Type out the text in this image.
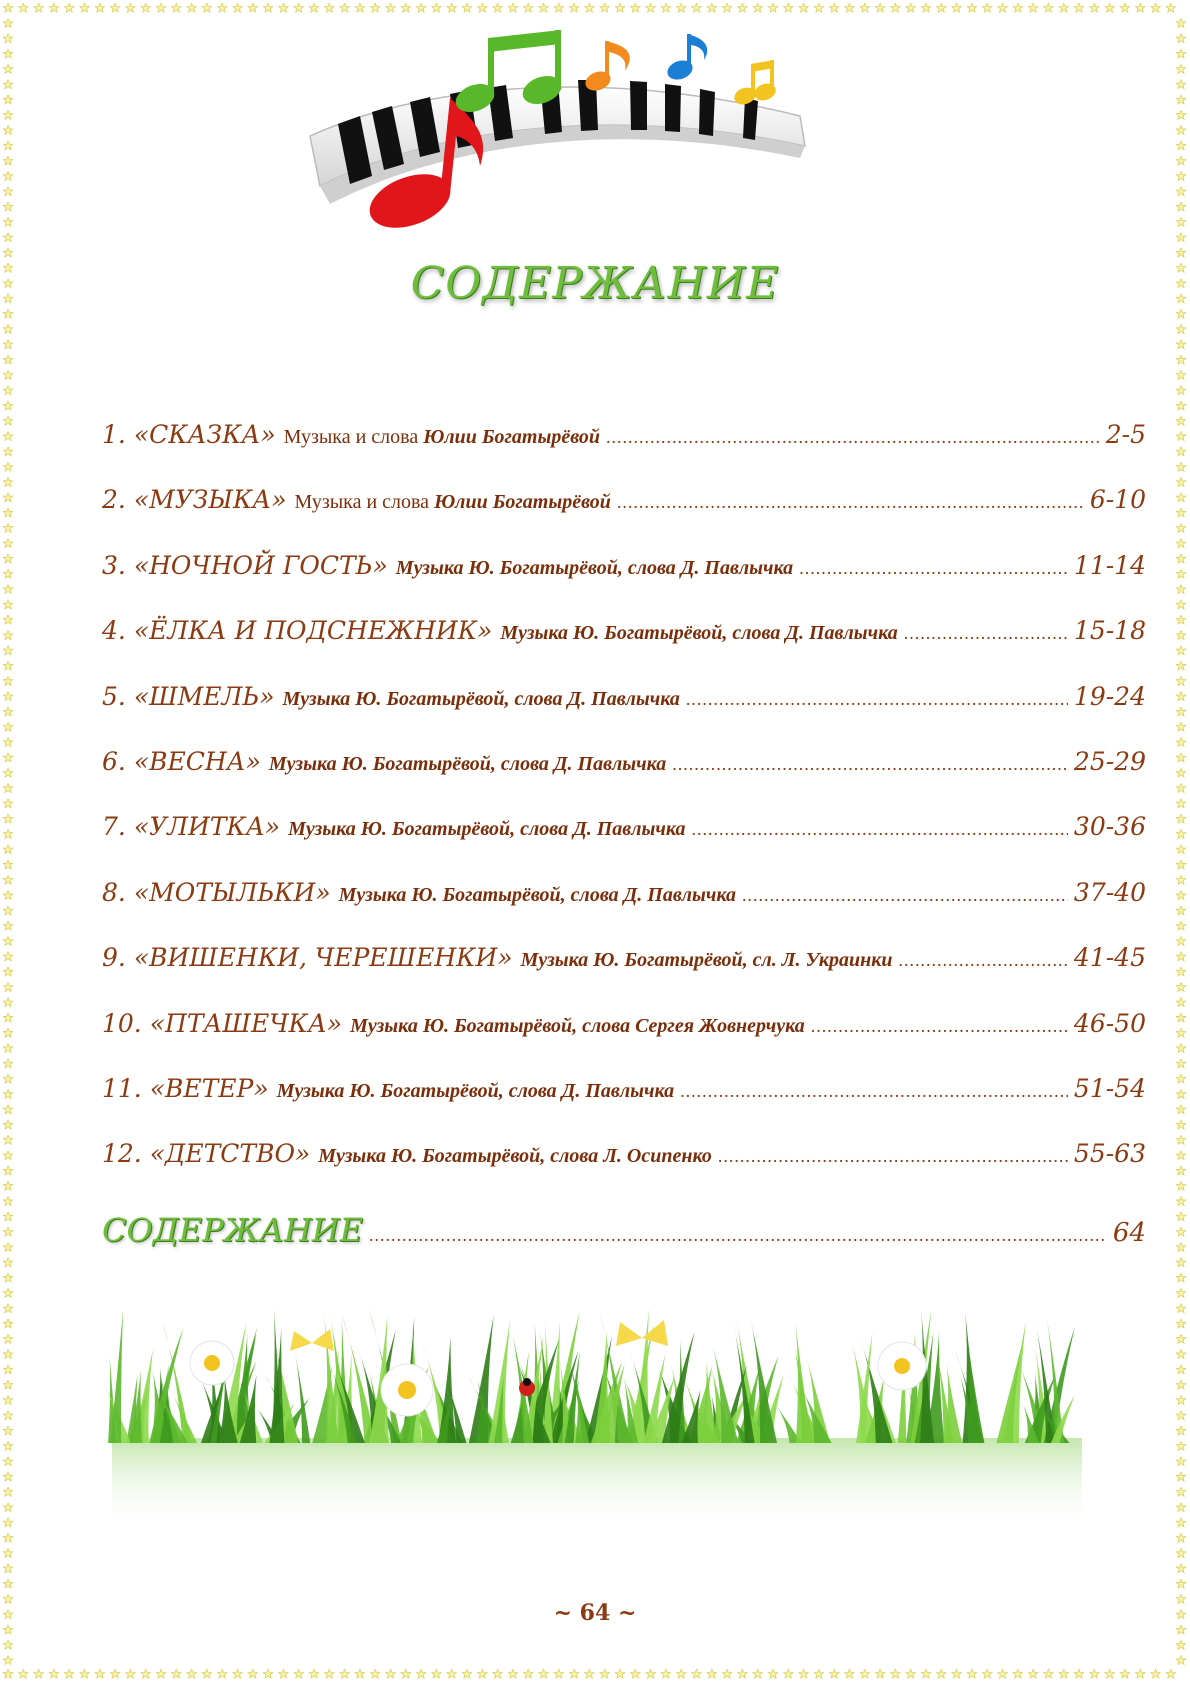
СОДЕРЖАНИЕ
1. «СКАЗКА» Музыка и слова Юлии Богатырёвой .....	2-5
2. «МУЗЫКА» Музыка и слова Юлии Богатырёвой .....	6-10
3. «НОЧНОЙ ГОСТЬ» Музыка Ю. Богатырёвой, слова Д. Павлычка .....	11-14
4. «ЁЛКА И ПОДСНЕЖНИК» Музыка Ю. Богатырёвой, слова Д. Павлычка .....	15-18
5. «ШМЕЛЬ» Музыка Ю. Богатырёвой, слова Д. Павлычка .....	19-24
6. «ВЕСНА» Музыка Ю. Богатырёвой, слова Д. Павлычка .....	25-29
7. «УЛИТКА» Музыка Ю. Богатырёвой, слова Д. Павлычка .....	30-36
8. «МОТЫЛЬКИ» Музыка Ю. Богатырёвой, слова Д. Павлычка .....	37-40
9. «ВИШЕНКИ, ЧЕРЕШЕНКИ» Музыка Ю. Богатырёвой, сл. Л. Украинки .....	41-45
10. «ПТАШЕЧКА» Музыка Ю. Богатырёвой, слова Сергея Жовнерчука .....	46-50
11. «ВЕТЕР» Музыка Ю. Богатырёвой, слова Д. Павлычка .....	51-54
12. «ДЕТСТВО» Музыка Ю. Богатырёвой, слова Л. Осипенко .....	55-63
СОДЕРЖАНИЕ .....	64
~ 64 ~
